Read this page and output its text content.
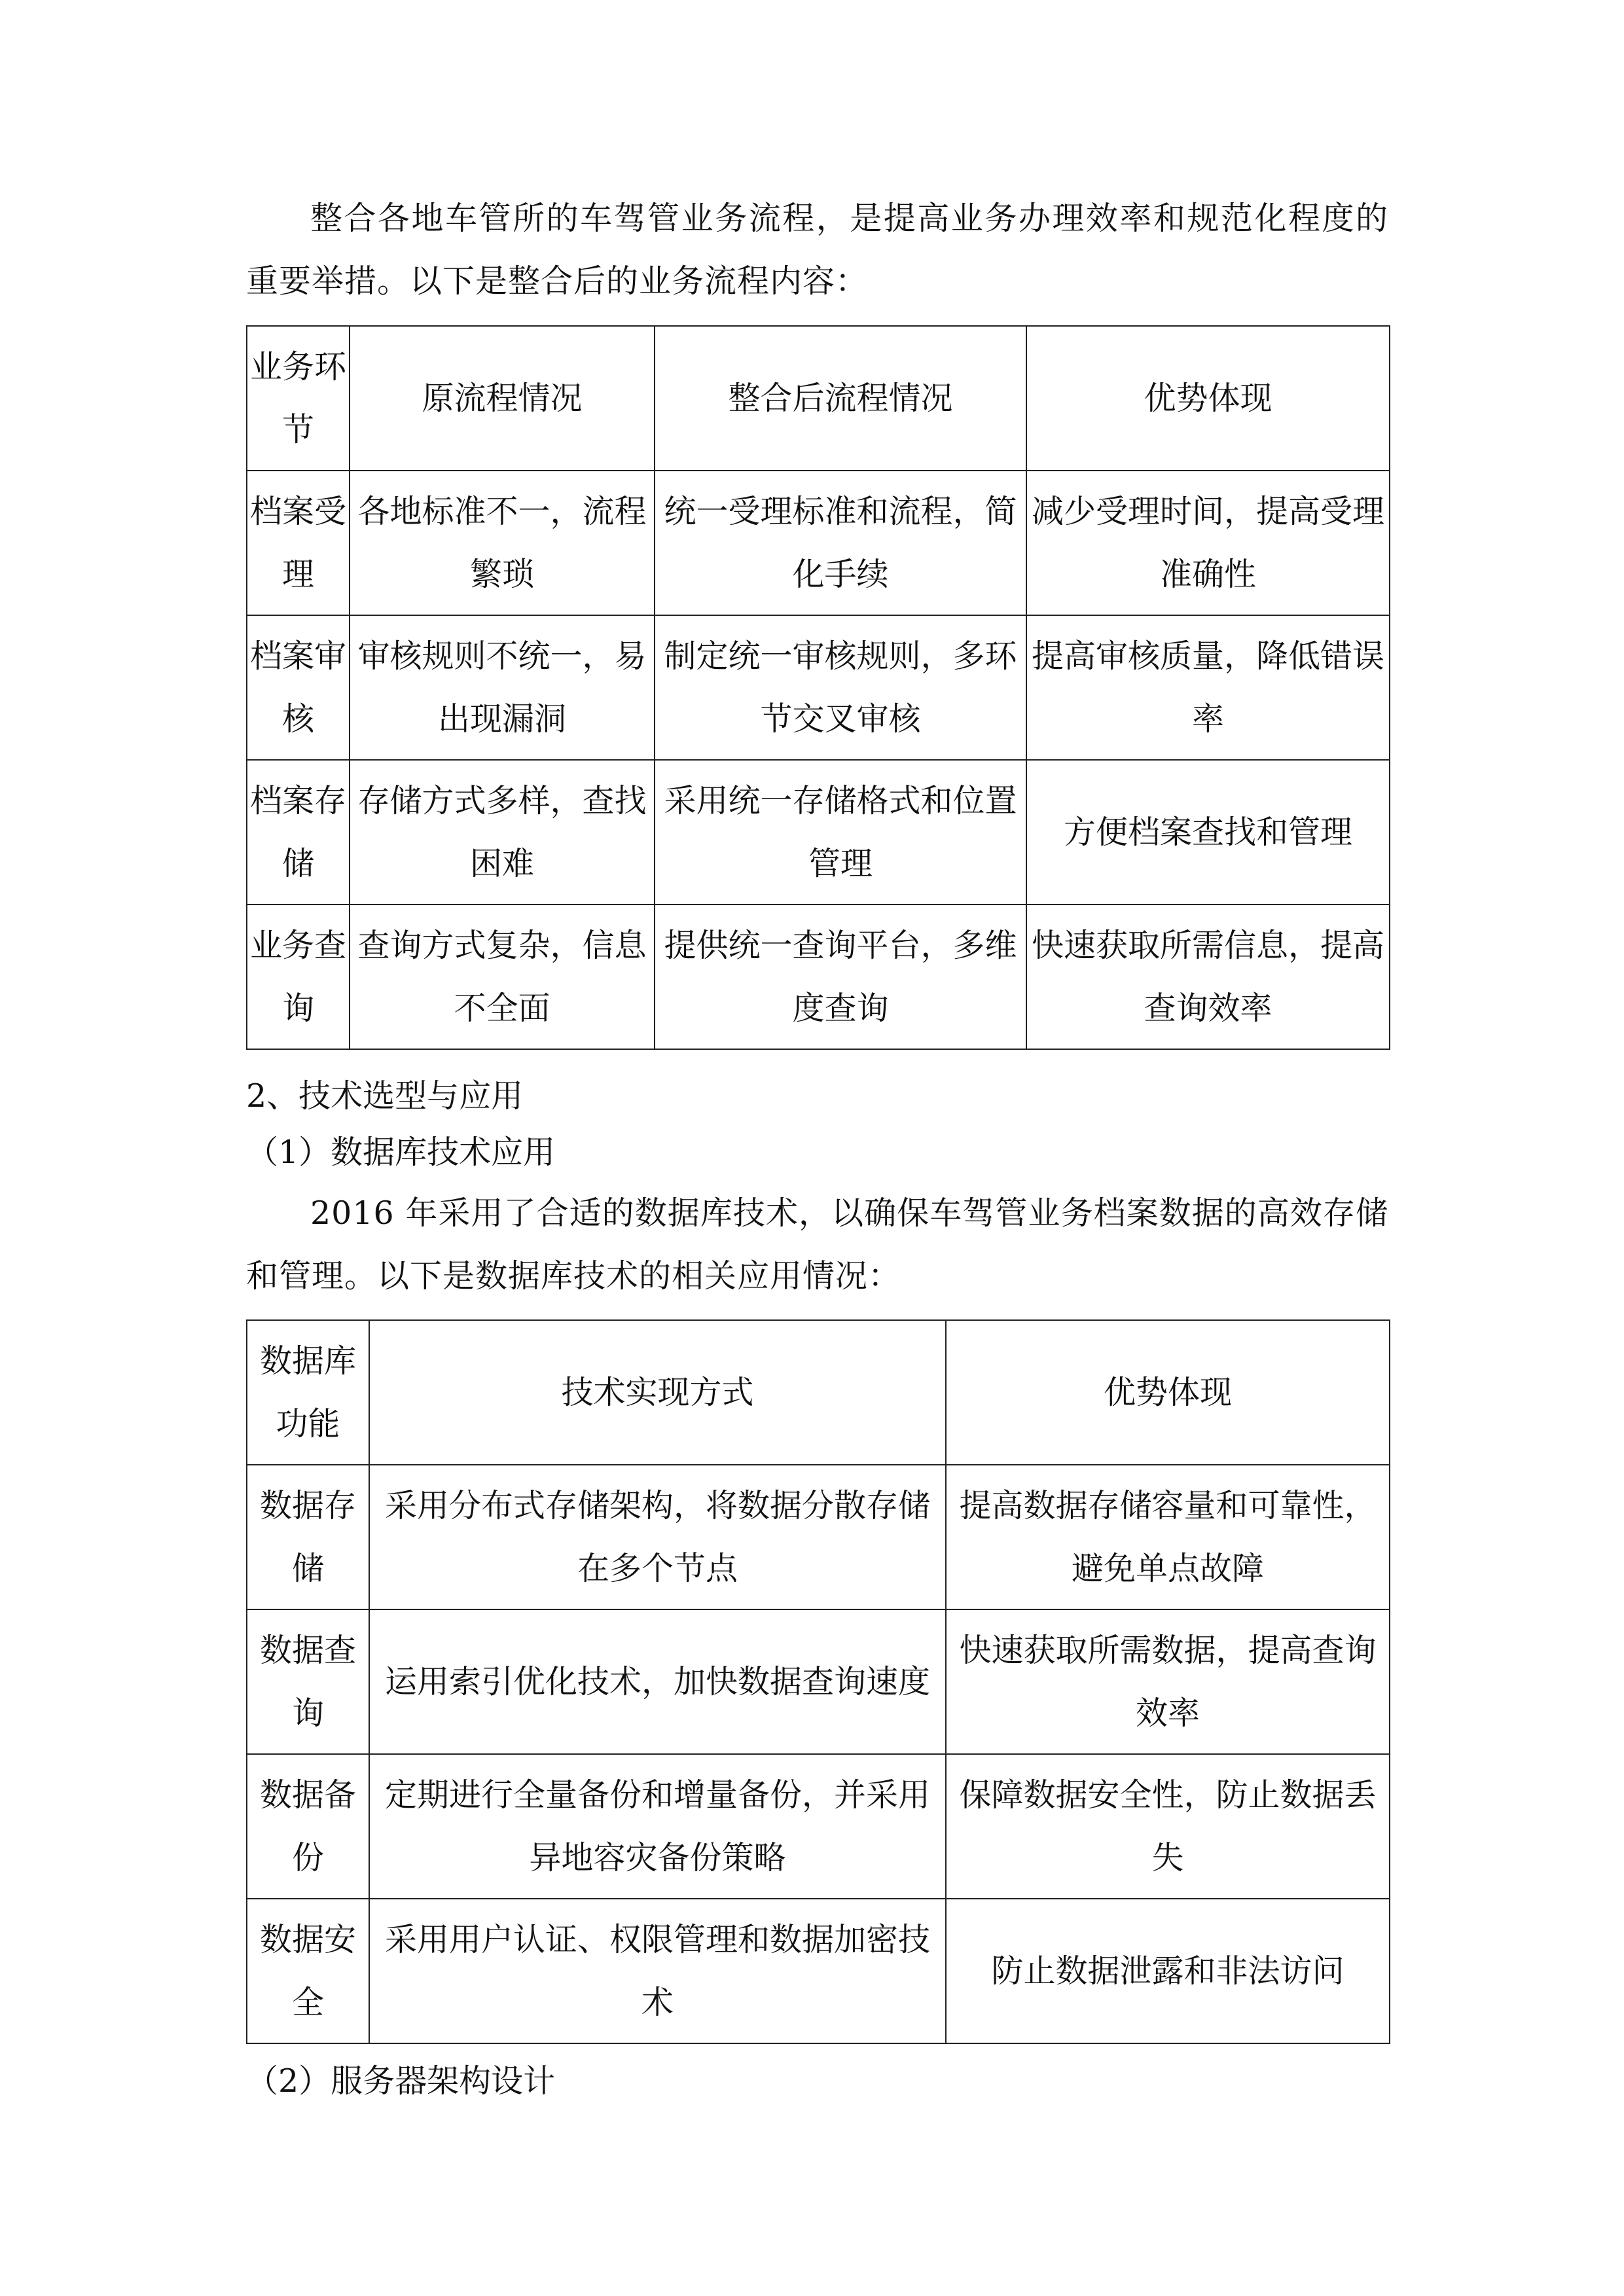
整合各地车管所的车驾管业务流程，是提高业务办理效率和规范化程度的重要举措。以下是整合后的业务流程内容：

业务环节	原流程情况	整合后流程情况	优势体现
档案受理	各地标准不一，流程繁琐	统一受理标准和流程，简化手续	减少受理时间，提高受理准确性
档案审核	审核规则不统一，易出现漏洞	制定统一审核规则，多环节交叉审核	提高审核质量，降低错误率
档案存储	存储方式多样，查找困难	采用统一存储格式和位置管理	方便档案查找和管理
业务查询	查询方式复杂，信息不全面	提供统一查询平台，多维度查询	快速获取所需信息，提高查询效率

2、技术选型与应用

（1）数据库技术应用

2016 年采用了合适的数据库技术，以确保车驾管业务档案数据的高效存储和管理。以下是数据库技术的相关应用情况：

数据库功能	技术实现方式	优势体现
数据存储	采用分布式存储架构，将数据分散存储在多个节点	提高数据存储容量和可靠性，避免单点故障
数据查询	运用索引优化技术，加快数据查询速度	快速获取所需数据，提高查询效率
数据备份	定期进行全量备份和增量备份，并采用异地容灾备份策略	保障数据安全性，防止数据丢失
数据安全	采用用户认证、权限管理和数据加密技术	防止数据泄露和非法访问

（2）服务器架构设计
